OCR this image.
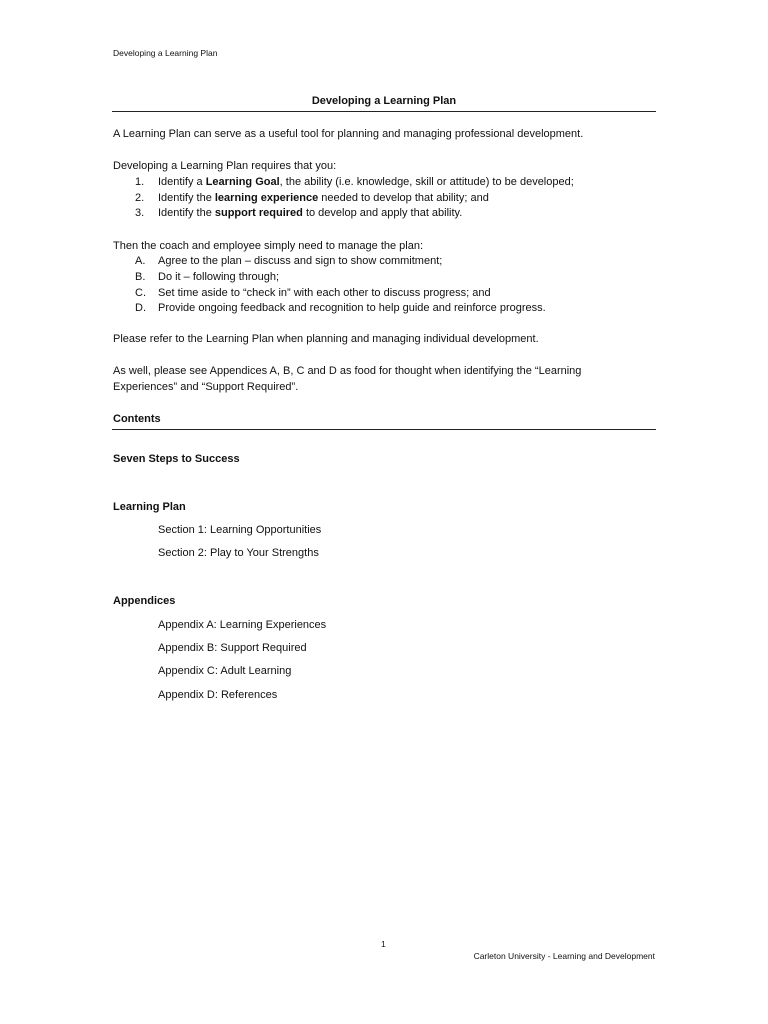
Developing a Learning Plan
Developing a Learning Plan
A Learning Plan can serve as a useful tool for planning and managing professional development.
Developing a Learning Plan requires that you:
1. Identify a Learning Goal, the ability (i.e. knowledge, skill or attitude) to be developed;
2. Identify the learning experience needed to develop that ability; and
3. Identify the support required to develop and apply that ability.
Then the coach and employee simply need to manage the plan:
A. Agree to the plan – discuss and sign to show commitment;
B. Do it – following through;
C. Set time aside to “check in” with each other to discuss progress; and
D. Provide ongoing feedback and recognition to help guide and reinforce progress.
Please refer to the Learning Plan when planning and managing individual development.
As well, please see Appendices A, B, C and D as food for thought when identifying the “Learning
Experiences” and “Support Required”.
Contents
Seven Steps to Success
Learning Plan
Section 1: Learning Opportunities
Section 2: Play to Your Strengths
Appendices
Appendix A: Learning Experiences
Appendix B: Support Required
Appendix C: Adult Learning
Appendix D: References
1
Carleton University - Learning and Development
